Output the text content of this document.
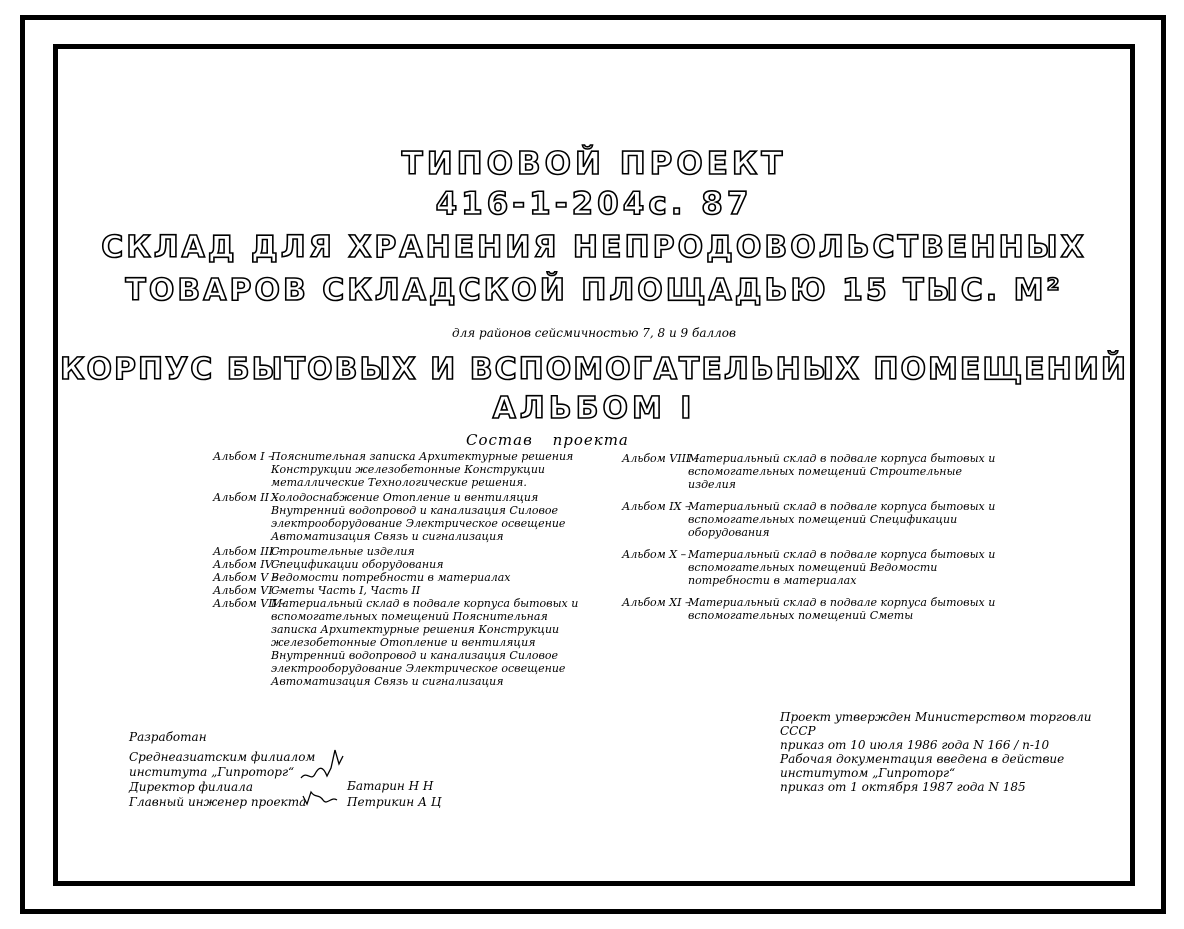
ТИПОВОЙ ПРОЕКТ
416-1-204с. 87
СКЛАД ДЛЯ ХРАНЕНИЯ НЕПРОДОВОЛЬСТВЕННЫХ
ТОВАРОВ СКЛАДСКОЙ ПЛОЩАДЬЮ 15 ТЫС. М²
для районов сейсмичностью 7, 8 и 9 баллов
КОРПУС БЫТОВЫХ И ВСПОМОГАТЕЛЬНЫХ ПОМЕЩЕНИЙ
АЛЬБОМ I
Состав проекта
Альбом I –
Пояснительная записка Архитектурные решения Конструкции железобетонные Конструкции металлические Технологические решения.
Альбом II –
Холодоснабжение Отопление и вентиляция Внутренний водопровод и канализация Силовое электрооборудование Электрическое освещение Автоматизация Связь и сигнализация
Альбом III –
Строительные изделия
Альбом IV –
Спецификации оборудования
Альбом V –
Ведомости потребности в материалах
Альбом VI –
Сметы Часть I, Часть II
Альбом VII –
Материальный склад в подвале корпуса бытовых и вспомогательных помещений Пояснительная записка Архитектурные решения Конструкции железобетонные Отопление и вентиляция Внутренний водопровод и канализация Силовое электрооборудование Электрическое освещение Автоматизация Связь и сигнализация
Альбом VIII –
Материальный склад в подвале корпуса бытовых и вспомогательных помещений Строительные изделия
Альбом IX –
Материальный склад в подвале корпуса бытовых и вспомогательных помещений Спецификации оборудования
Альбом X – Материальный склад в подвале корпуса бытовых и вспомогательных помещений Ведомости потребности в материалах
Альбом XI –
Материальный склад в подвале корпуса бытовых и вспомогательных помещений Сметы
Разработан
Среднеазиатским филиалом
института „Гипроторг“
Директор филиала
Главный инженер проекта
Батарин Н Н
Петрикин А Ц
Проект утвержден Министерством торговли СССР
приказ от 10 июля 1986 года N 166 / п-10
Рабочая документация введена в действие
институтом „Гипроторг“
приказ от 1 октября 1987 года N 185
